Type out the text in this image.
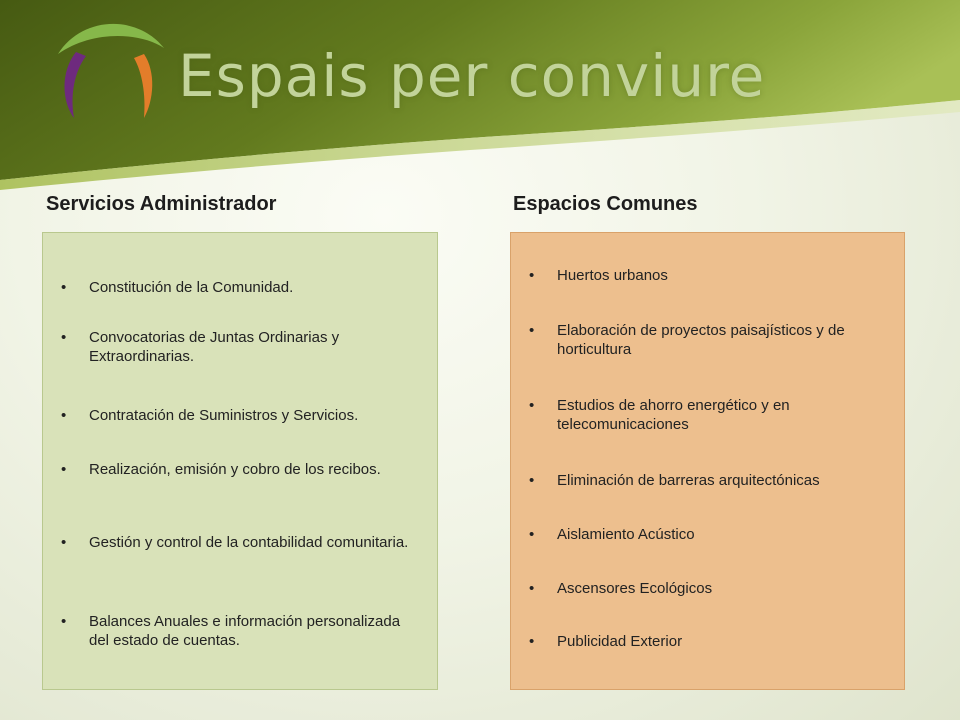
Espais per conviure
Servicios Administrador	Espacios Comunes
• Constitución de la Comunidad.
• Convocatorias de Juntas Ordinarias y Extraordinarias.
• Contratación de Suministros y Servicios.
• Realización, emisión y cobro de los recibos.
• Gestión y control de la contabilidad comunitaria.
• Balances Anuales e información personalizada del estado de cuentas.
• Huertos urbanos
• Elaboración de proyectos paisajísticos y de horticultura
• Estudios de ahorro energético y en telecomunicaciones
• Eliminación de barreras arquitectónicas
• Aislamiento Acústico
• Ascensores Ecológicos
• Publicidad Exterior
